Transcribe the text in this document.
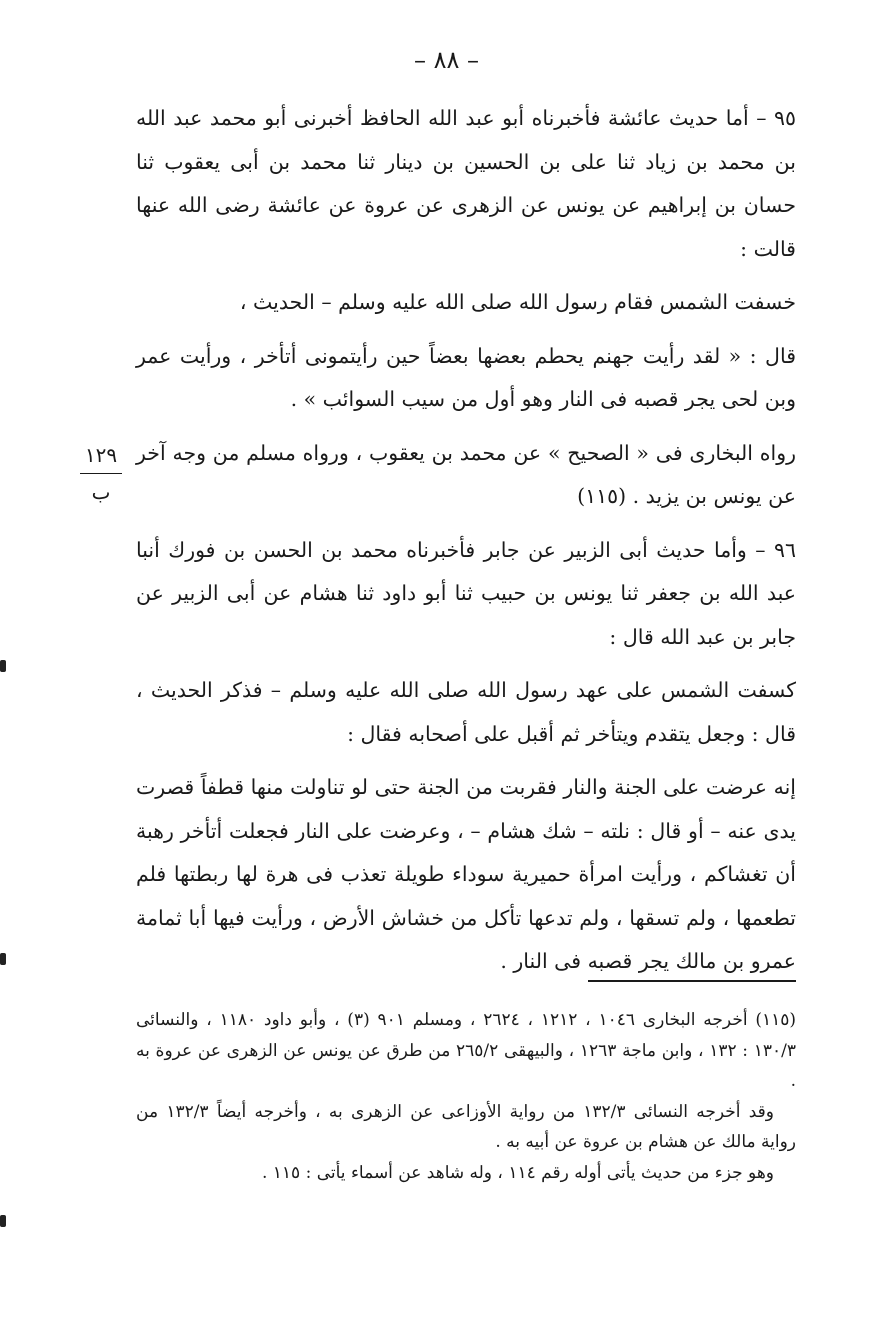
– ٨٨ –

٩٥ – أما حديث عائشة فأخبرناه أبو عبد الله الحافظ أخبرنى أبو محمد عبد الله بن محمد بن زياد ثنا على بن الحسين بن دينار ثنا محمد بن أبى يعقوب ثنا حسان بن إبراهيم عن يونس عن الزهرى عن عروة عن عائشة رضى الله عنها قالت :

خسفت الشمس فقام رسول الله صلى الله عليه وسلم – الحديث ،

قال : « لقد رأيت جهنم يحطم بعضها بعضاً حين رأيتمونى أتأخر ، ورأيت عمر وبن لحى يجر قصبه فى النار وهو أول من سيب السوائب » .

رواه البخارى فى « الصحيح » عن محمد بن يعقوب ، ورواه مسلم من وجه آخر عن يونس بن يزيد . (١١٥)

٩٦ – وأما حديث أبى الزبير عن جابر فأخبرناه محمد بن الحسن بن فورك أنبا عبد الله بن جعفر ثنا يونس بن حبيب ثنا أبو داود ثنا هشام عن أبى الزبير عن جابر بن عبد الله قال :

كسفت الشمس على عهد رسول الله صلى الله عليه وسلم – فذكر الحديث ، قال : وجعل يتقدم ويتأخر ثم أقبل على أصحابه فقال :

إنه عرضت على الجنة والنار فقربت من الجنة حتى لو تناولت منها قطفاً قصرت يدى عنه – أو قال : نلته – شك هشام – ، وعرضت على النار فجعلت أتأخر رهبة أن تغشاكم ، ورأيت امرأة حميرية سوداء طويلة تعذب فى هرة لها ربطتها فلم تطعمها ، ولم تسقها ، ولم تدعها تأكل من خشاش الأرض ، ورأيت فيها أبا ثمامة عمرو بن مالك يجر قصبه فى النار .

١٢٩
ب

(١١٥) أخرجه البخارى ١٠٤٦ ، ١٢١٢ ، ٢٦٢٤ ، ومسلم ٩٠١ (٣) ، وأبو داود ١١٨٠ ، والنسائى ١٣٠/٣ : ١٣٢ ، وابن ماجة ١٢٦٣ ، والبيهقى ٢٦٥/٢ من طرق عن يونس عن الزهرى عن عروة به .

وقد أخرجه النسائى ١٣٢/٣ من رواية الأوزاعى عن الزهرى به ، وأخرجه أيضاً ١٣٢/٣ من رواية مالك عن هشام بن عروة عن أبيه به .

وهو جزء من حديث يأتى أوله رقم ١١٤ ، وله شاهد عن أسماء يأتى : ١١٥ .
